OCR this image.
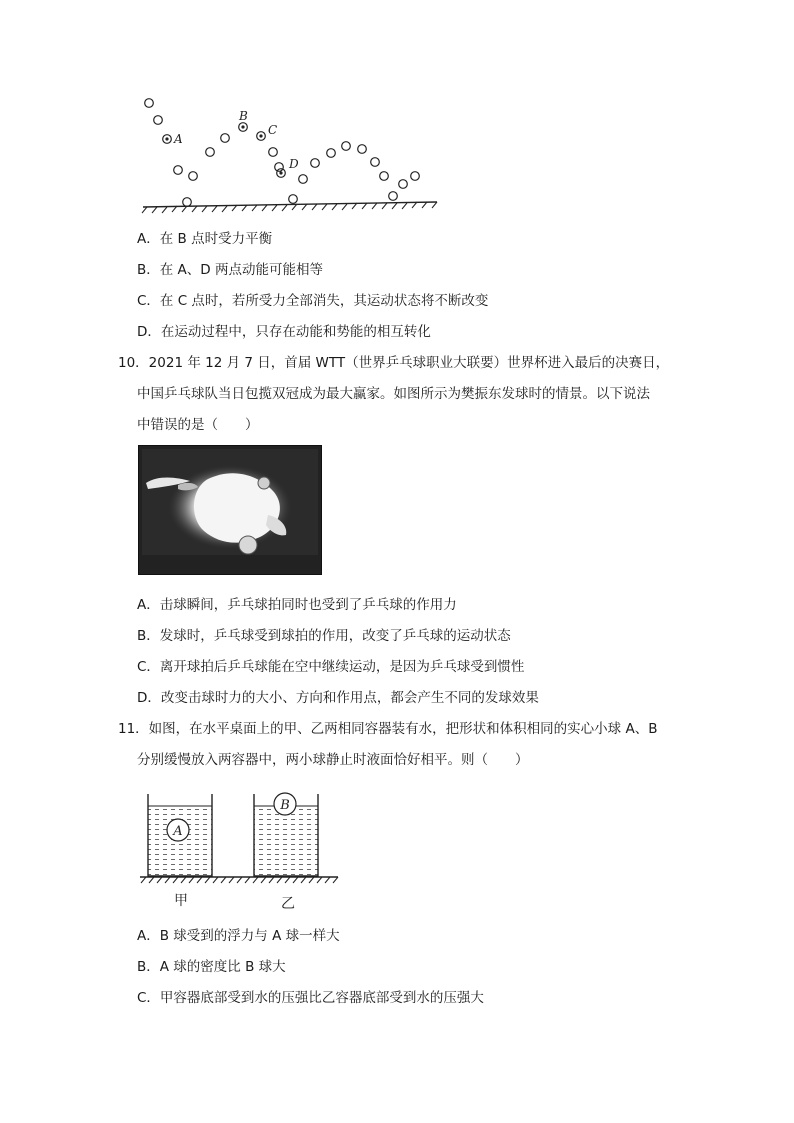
A
B
C
D
A．在 B 点时受力平衡
B．在 A、D 两点动能可能相等
C．在 C 点时，若所受力全部消失，其运动状态将不断改变
D．在运动过程中，只存在动能和势能的相互转化
10．2021 年 12 月 7 日，首届 WTT（世界乒乓球职业大联要）世界杯进入最后的决赛日，
中国乒乓球队当日包揽双冠成为最大赢家。如图所示为樊振东发球时的情景。以下说法
中错误的是（　　）
A．击球瞬间，乒乓球拍同时也受到了乒乓球的作用力
B．发球时，乒乓球受到球拍的作用，改变了乒乓球的运动状态
C．离开球拍后乒乓球能在空中继续运动，是因为乒乓球受到惯性
D．改变击球时力的大小、方向和作用点，都会产生不同的发球效果
11．如图，在水平桌面上的甲、乙两相同容器装有水，把形状和体积相同的实心小球 A、B
分别缓慢放入两容器中，两小球静止时液面恰好相平。则（　　）
A
B
甲	乙
A．B 球受到的浮力与 A 球一样大
B．A 球的密度比 B 球大
C．甲容器底部受到水的压强比乙容器底部受到水的压强大
